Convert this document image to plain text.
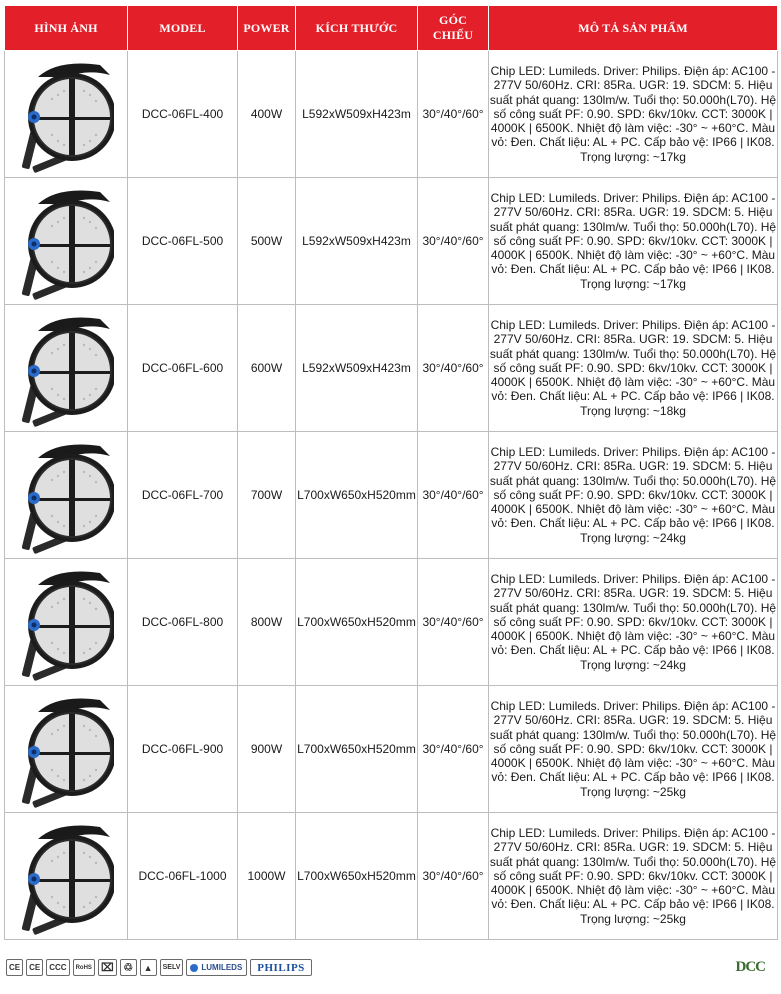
HÌNH ẢNH	MODEL	POWER	KÍCH THƯỚC	GÓC CHIẾU	MÔ TẢ SẢN PHẨM

	DCC-06FL-400	400W	L592xW509xH423m	30°/40°/60°	Chip LED: Lumileds. Driver: Philips. Điện áp: AC100 - 277V 50/60Hz. CRI: 85Ra. UGR: 19. SDCM: 5. Hiệu suất phát quang: 130lm/w. Tuổi thọ: 50.000h(L70). Hệ số công suất PF: 0.90. SPD: 6kv/10kv. CCT: 3000K | 4000K | 6500K. Nhiệt độ làm việc: -30° ~ +60°C. Màu vỏ: Đen. Chất liệu: AL + PC. Cấp bảo vệ: IP66 | IK08. Trọng lượng: ~17kg

	DCC-06FL-500	500W	L592xW509xH423m	30°/40°/60°	Chip LED: Lumileds. Driver: Philips. Điện áp: AC100 - 277V 50/60Hz. CRI: 85Ra. UGR: 19. SDCM: 5. Hiệu suất phát quang: 130lm/w. Tuổi thọ: 50.000h(L70). Hệ số công suất PF: 0.90. SPD: 6kv/10kv. CCT: 3000K | 4000K | 6500K. Nhiệt độ làm việc: -30° ~ +60°C. Màu vỏ: Đen. Chất liệu: AL + PC. Cấp bảo vệ: IP66 | IK08. Trọng lượng: ~17kg

	DCC-06FL-600	600W	L592xW509xH423m	30°/40°/60°	Chip LED: Lumileds. Driver: Philips. Điện áp: AC100 - 277V 50/60Hz. CRI: 85Ra. UGR: 19. SDCM: 5. Hiệu suất phát quang: 130lm/w. Tuổi thọ: 50.000h(L70). Hệ số công suất PF: 0.90. SPD: 6kv/10kv. CCT: 3000K | 4000K | 6500K. Nhiệt độ làm việc: -30° ~ +60°C. Màu vỏ: Đen. Chất liệu: AL + PC. Cấp bảo vệ: IP66 | IK08. Trọng lượng: ~18kg

	DCC-06FL-700	700W	L700xW650xH520mm	30°/40°/60°	Chip LED: Lumileds. Driver: Philips. Điện áp: AC100 - 277V 50/60Hz. CRI: 85Ra. UGR: 19. SDCM: 5. Hiệu suất phát quang: 130lm/w. Tuổi thọ: 50.000h(L70). Hệ số công suất PF: 0.90. SPD: 6kv/10kv. CCT: 3000K | 4000K | 6500K. Nhiệt độ làm việc: -30° ~ +60°C. Màu vỏ: Đen. Chất liệu: AL + PC. Cấp bảo vệ: IP66 | IK08. Trọng lượng: ~24kg

	DCC-06FL-800	800W	L700xW650xH520mm	30°/40°/60°	Chip LED: Lumileds. Driver: Philips. Điện áp: AC100 - 277V 50/60Hz. CRI: 85Ra. UGR: 19. SDCM: 5. Hiệu suất phát quang: 130lm/w. Tuổi thọ: 50.000h(L70). Hệ số công suất PF: 0.90. SPD: 6kv/10kv. CCT: 3000K | 4000K | 6500K. Nhiệt độ làm việc: -30° ~ +60°C. Màu vỏ: Đen. Chất liệu: AL + PC. Cấp bảo vệ: IP66 | IK08. Trọng lượng: ~24kg

	DCC-06FL-900	900W	L700xW650xH520mm	30°/40°/60°	Chip LED: Lumileds. Driver: Philips. Điện áp: AC100 - 277V 50/60Hz. CRI: 85Ra. UGR: 19. SDCM: 5. Hiệu suất phát quang: 130lm/w. Tuổi thọ: 50.000h(L70). Hệ số công suất PF: 0.90. SPD: 6kv/10kv. CCT: 3000K | 4000K | 6500K. Nhiệt độ làm việc: -30° ~ +60°C. Màu vỏ: Đen. Chất liệu: AL + PC. Cấp bảo vệ: IP66 | IK08. Trọng lượng: ~25kg

	DCC-06FL-1000	1000W	L700xW650xH520mm	30°/40°/60°	Chip LED: Lumileds. Driver: Philips. Điện áp: AC100 - 277V 50/60Hz. CRI: 85Ra. UGR: 19. SDCM: 5. Hiệu suất phát quang: 130lm/w. Tuổi thọ: 50.000h(L70). Hệ số công suất PF: 0.90. SPD: 6kv/10kv. CCT: 3000K | 4000K | 6500K. Nhiệt độ làm việc: -30° ~ +60°C. Màu vỏ: Đen. Chất liệu: AL + PC. Cấp bảo vệ: IP66 | IK08. Trọng lượng: ~25kg
CE	CE	CCC	RoHS ⌧ ♲	▲	SELV	LUMILEDS	PHILIPS	DCC
